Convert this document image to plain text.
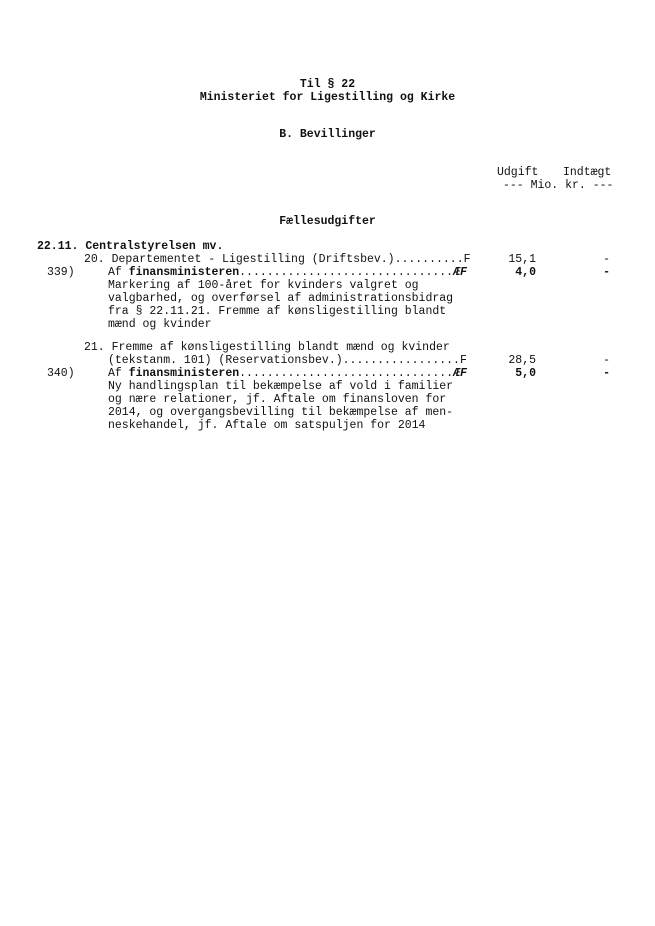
Til § 22
Ministeriet for Ligestilling og Kirke
B. Bevillinger
Udgift Indtægt
--- Mio. kr. ---
Fællesudgifter
22.11. Centralstyrelsen mv.
20. Departementet - Ligestilling (Driftsbev.)..........F	15,1	-
339)	Af finansministeren...............................ÆF	4,0	-
Markering af 100-året for kvinders valgret og
valgbarhed, og overførsel af administrationsbidrag
fra § 22.11.21. Fremme af kønsligestilling blandt
mænd og kvinder
21. Fremme af kønsligestilling blandt mænd og kvinder
(tekstanm. 101) (Reservationsbev.).................F	28,5	-
340)	Af finansministeren...............................ÆF	5,0	-
Ny handlingsplan til bekæmpelse af vold i familier
og nære relationer, jf. Aftale om finansloven for
2014, og overgangsbevilling til bekæmpelse af men-
neskehandel, jf. Aftale om satspuljen for 2014
